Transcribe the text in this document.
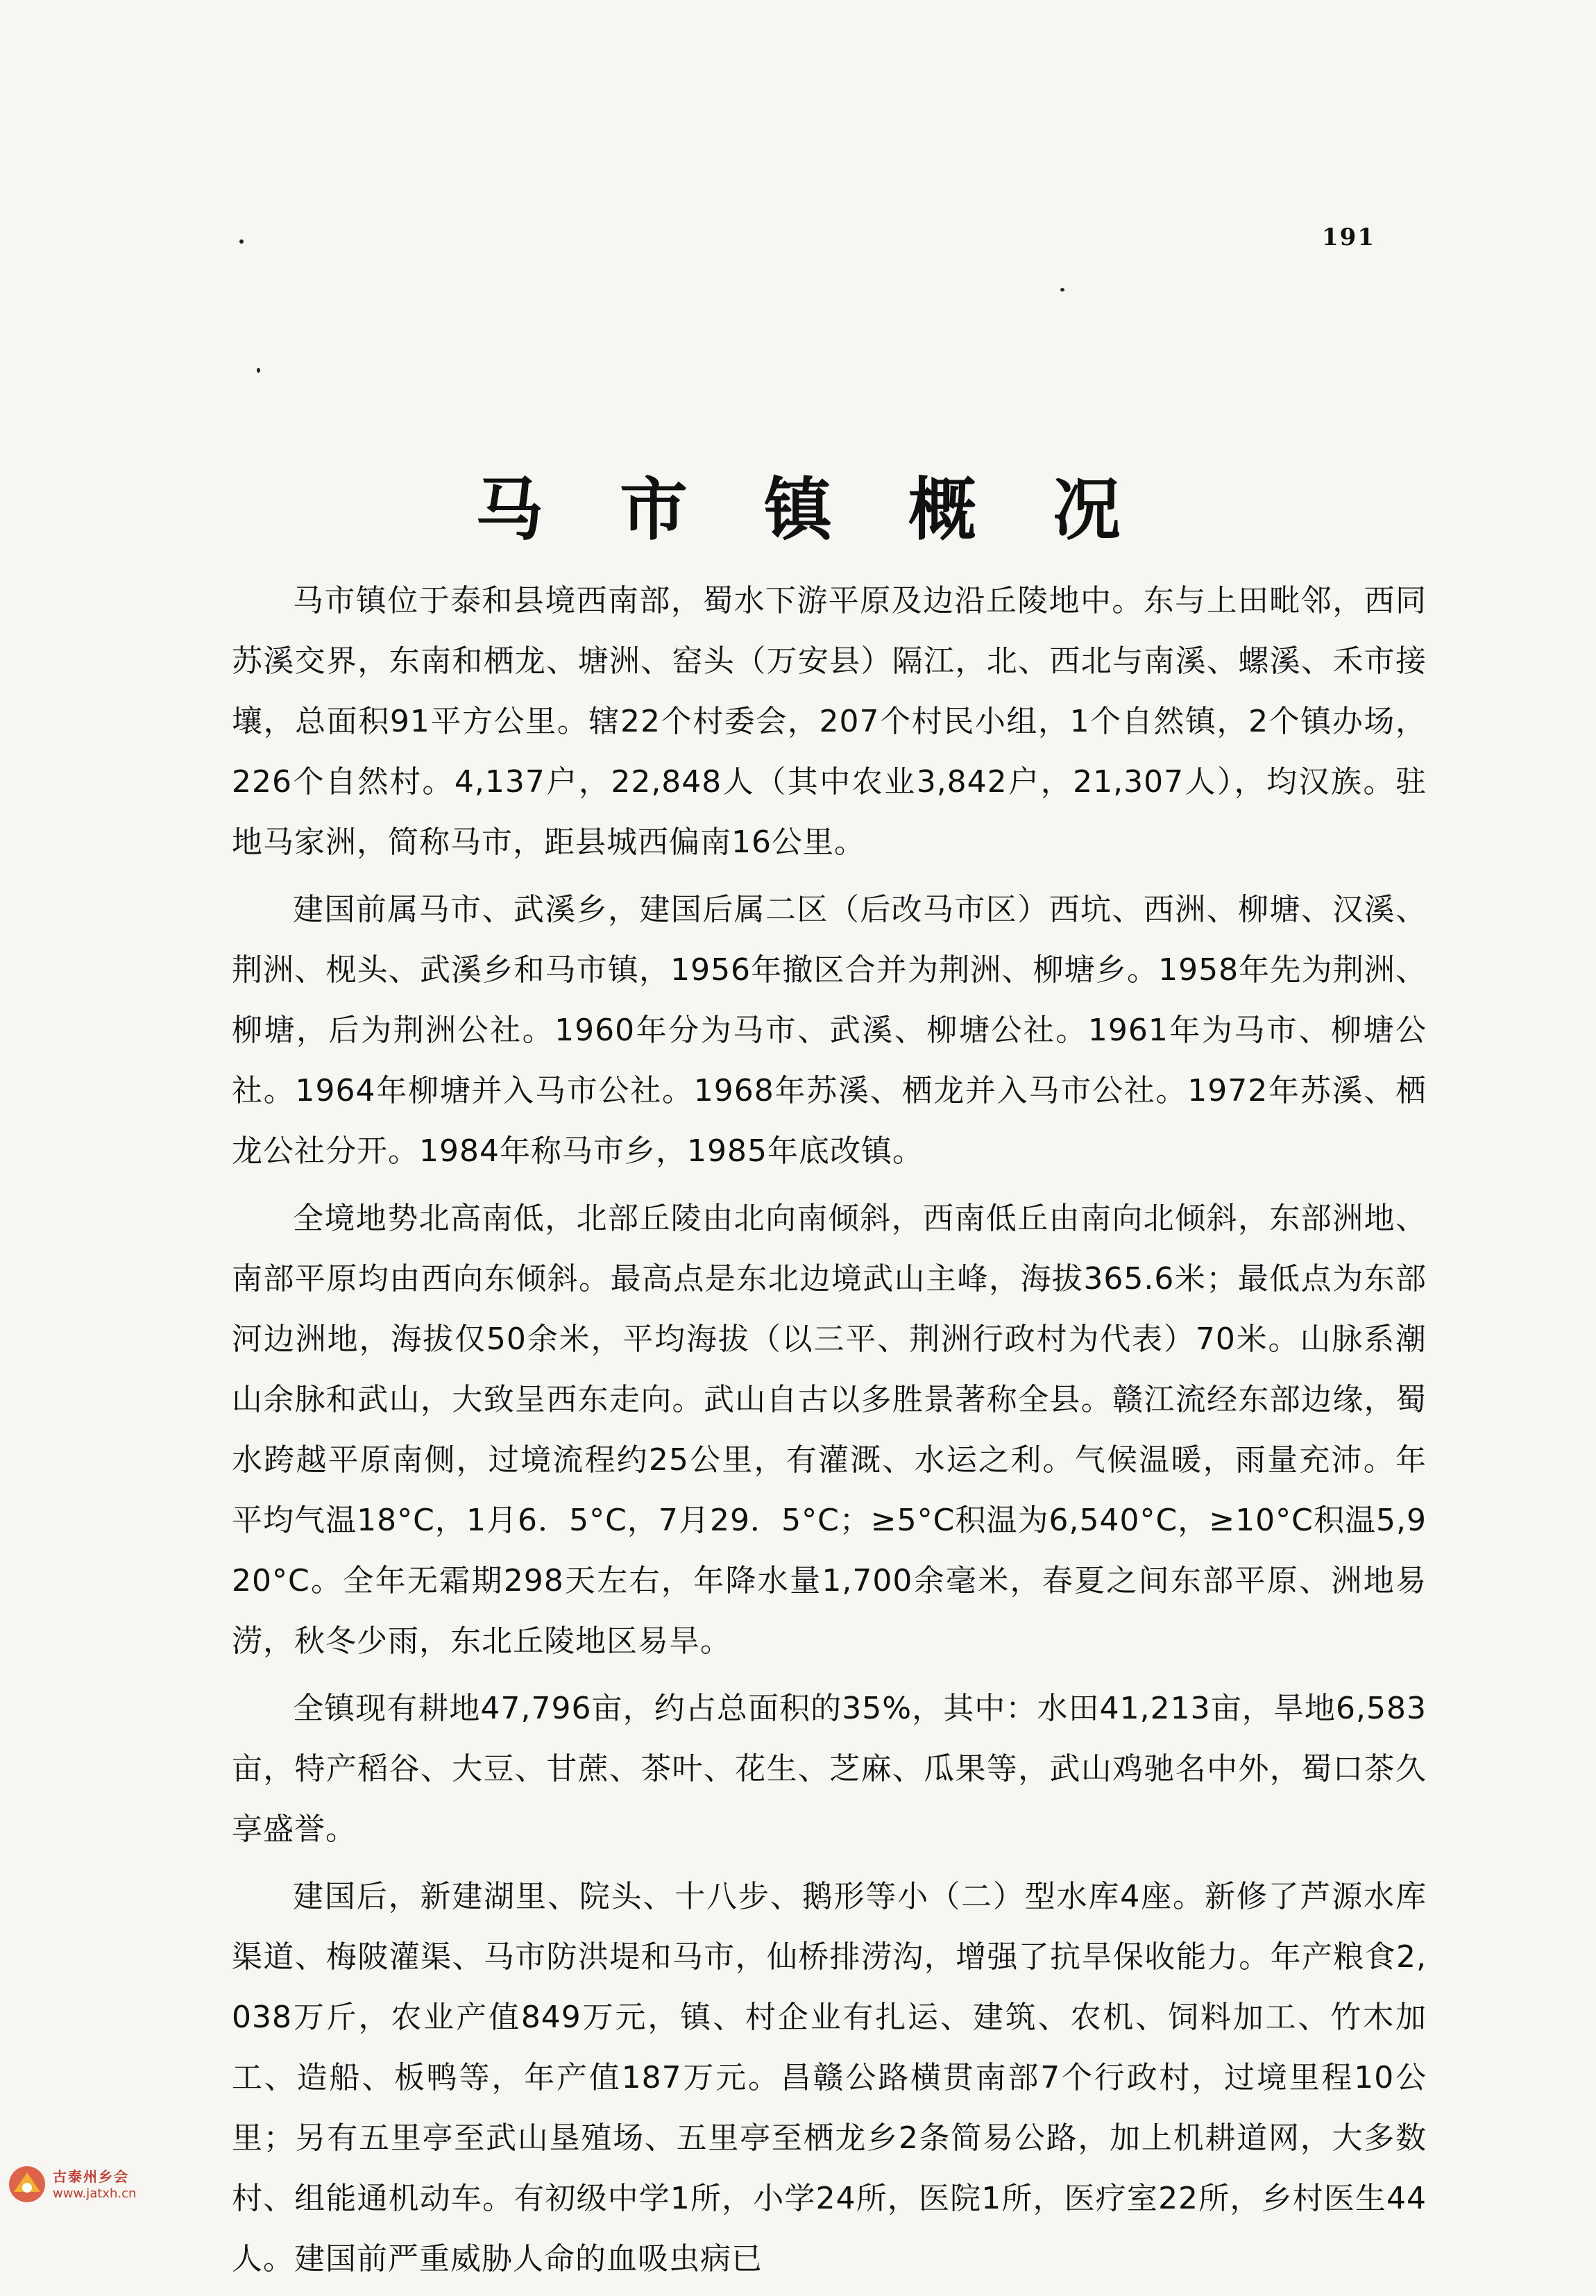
191
马市镇概况

马市镇位于泰和县境西南部，蜀水下游平原及边沿丘陵地中。东与上田毗邻，西同苏溪交界，东南和栖龙、塘洲、窑头（万安县）隔江，北、西北与南溪、螺溪、禾市接壤，总面积91平方公里。辖22个村委会，207个村民小组，1个自然镇，2个镇办场，226个自然村。4,137户，22,848人（其中农业3,842户，21,307人），均汉族。驻地马家洲，简称马市，距县城西偏南16公里。

建国前属马市、武溪乡，建国后属二区（后改马市区）西坑、西洲、柳塘、汉溪、荆洲、枧头、武溪乡和马市镇，1956年撤区合并为荆洲、柳塘乡。1958年先为荆洲、柳塘，后为荆洲公社。1960年分为马市、武溪、柳塘公社。1961年为马市、柳塘公社。1964年柳塘并入马市公社。1968年苏溪、栖龙并入马市公社。1972年苏溪、栖龙公社分开。1984年称马市乡，1985年底改镇。

全境地势北高南低，北部丘陵由北向南倾斜，西南低丘由南向北倾斜，东部洲地、南部平原均由西向东倾斜。最高点是东北边境武山主峰，海拔365.6米；最低点为东部河边洲地，海拔仅50余米，平均海拔（以三平、荆洲行政村为代表）70米。山脉系潮山余脉和武山，大致呈西东走向。武山自古以多胜景著称全县。赣江流经东部边缘，蜀水跨越平原南侧，过境流程约25公里，有灌溉、水运之利。气候温暖，雨量充沛。年平均气温18°C，1月6．5°C，7月29．5°C；≥5°C积温为6,540°C，≥10°C积温5,920°C。全年无霜期298天左右，年降水量1,700余毫米，春夏之间东部平原、洲地易涝，秋冬少雨，东北丘陵地区易旱。

全镇现有耕地47,796亩，约占总面积的35%，其中：水田41,213亩，旱地6,583亩，特产稻谷、大豆、甘蔗、茶叶、花生、芝麻、瓜果等，武山鸡驰名中外，蜀口茶久享盛誉。

建国后，新建湖里、院头、十八步、鹅形等小（二）型水库4座。新修了芦源水库渠道、梅陂灌渠、马市防洪堤和马市，仙桥排涝沟，增强了抗旱保收能力。年产粮食2,038万斤，农业产值849万元，镇、村企业有扎运、建筑、农机、饲料加工、竹木加工、造船、板鸭等，年产值187万元。昌赣公路横贯南部7个行政村，过境里程10公里；另有五里亭至武山垦殖场、五里亭至栖龙乡2条简易公路，加上机耕道网，大多数村、组能通机动车。有初级中学1所，小学24所，医院1所，医疗室22所，乡村医生44人。建国前严重威胁人命的血吸虫病已

古泰州乡会
www.jatxh.cn
